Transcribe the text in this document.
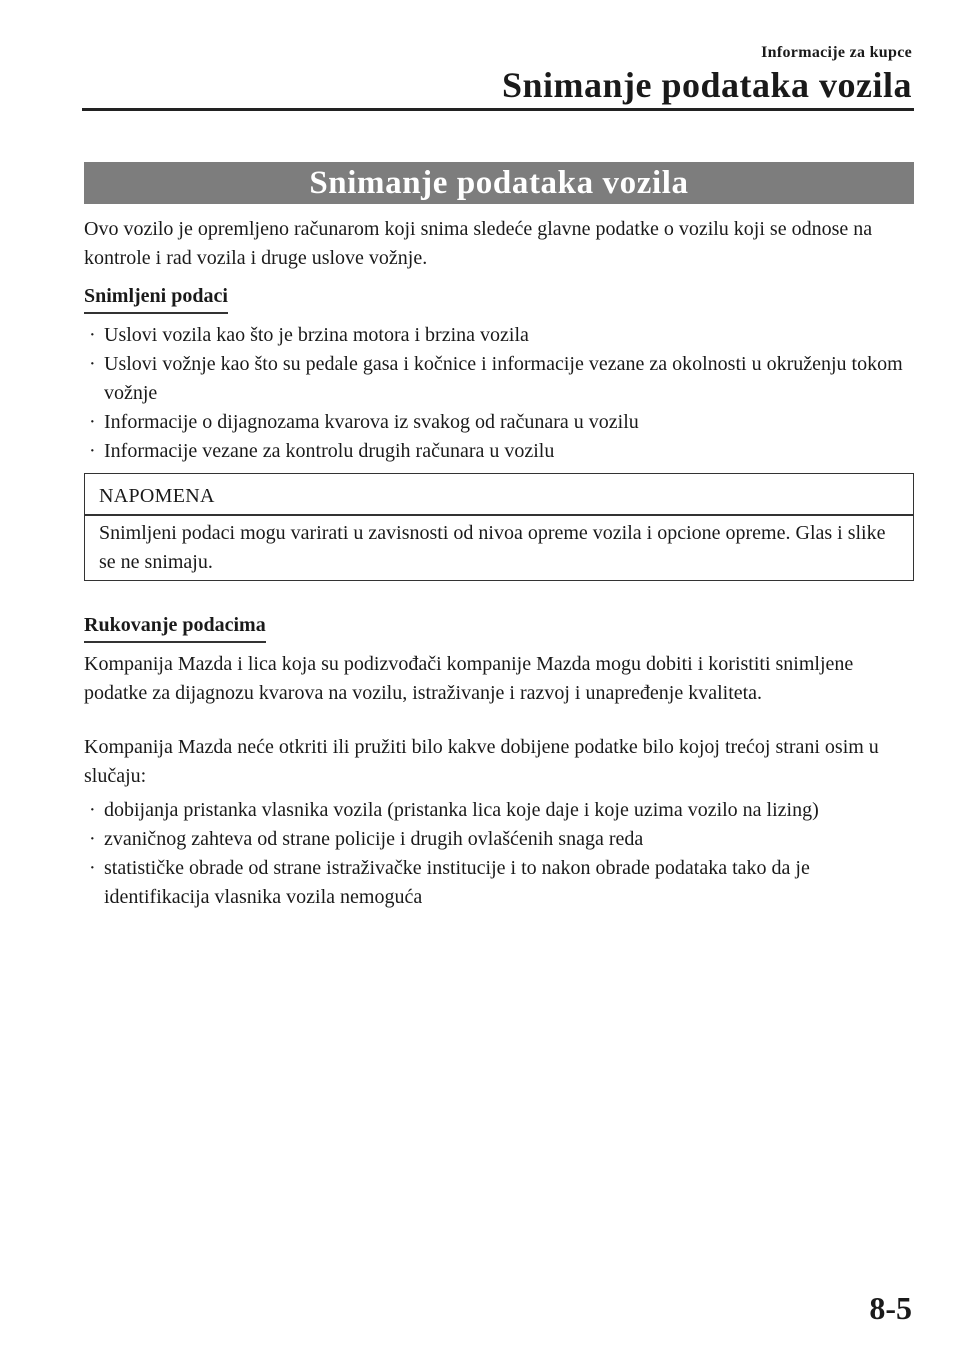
Informacije za kupce
Snimanje podataka vozila
Snimanje podataka vozila

Ovo vozilo je opremljeno računarom koji snima sledeće glavne podatke o vozilu koji se odnose na kontrole i rad vozila i druge uslove vožnje.

Snimljeni podaci
· Uslovi vozila kao što je brzina motora i brzina vozila
· Uslovi vožnje kao što su pedale gasa i kočnice i informacije vezane za okolnosti u okruženju tokom vožnje
· Informacije o dijagnozama kvarova iz svakog od računara u vozilu
· Informacije vezane za kontrolu drugih računara u vozilu
NAPOMENA

Snimljeni podaci mogu varirati u zavisnosti od nivoa opreme vozila i opcione opreme. Glas i slike se ne snimaju.

Rukovanje podacima

Kompanija Mazda i lica koja su podizvođači kompanije Mazda mogu dobiti i koristiti snimljene podatke za dijagnozu kvarova na vozilu, istraživanje i razvoj i unapređenje kvaliteta.

Kompanija Mazda neće otkriti ili pružiti bilo kakve dobijene podatke bilo kojoj trećoj strani osim u slučaju:

· dobijanja pristanka vlasnika vozila (pristanka lica koje daje i koje uzima vozilo na lizing)
· zvaničnog zahteva od strane policije i drugih ovlašćenih snaga reda
· statističke obrade od strane istraživačke institucije i to nakon obrade podataka tako da je identifikacija vlasnika vozila nemoguća
8-5
